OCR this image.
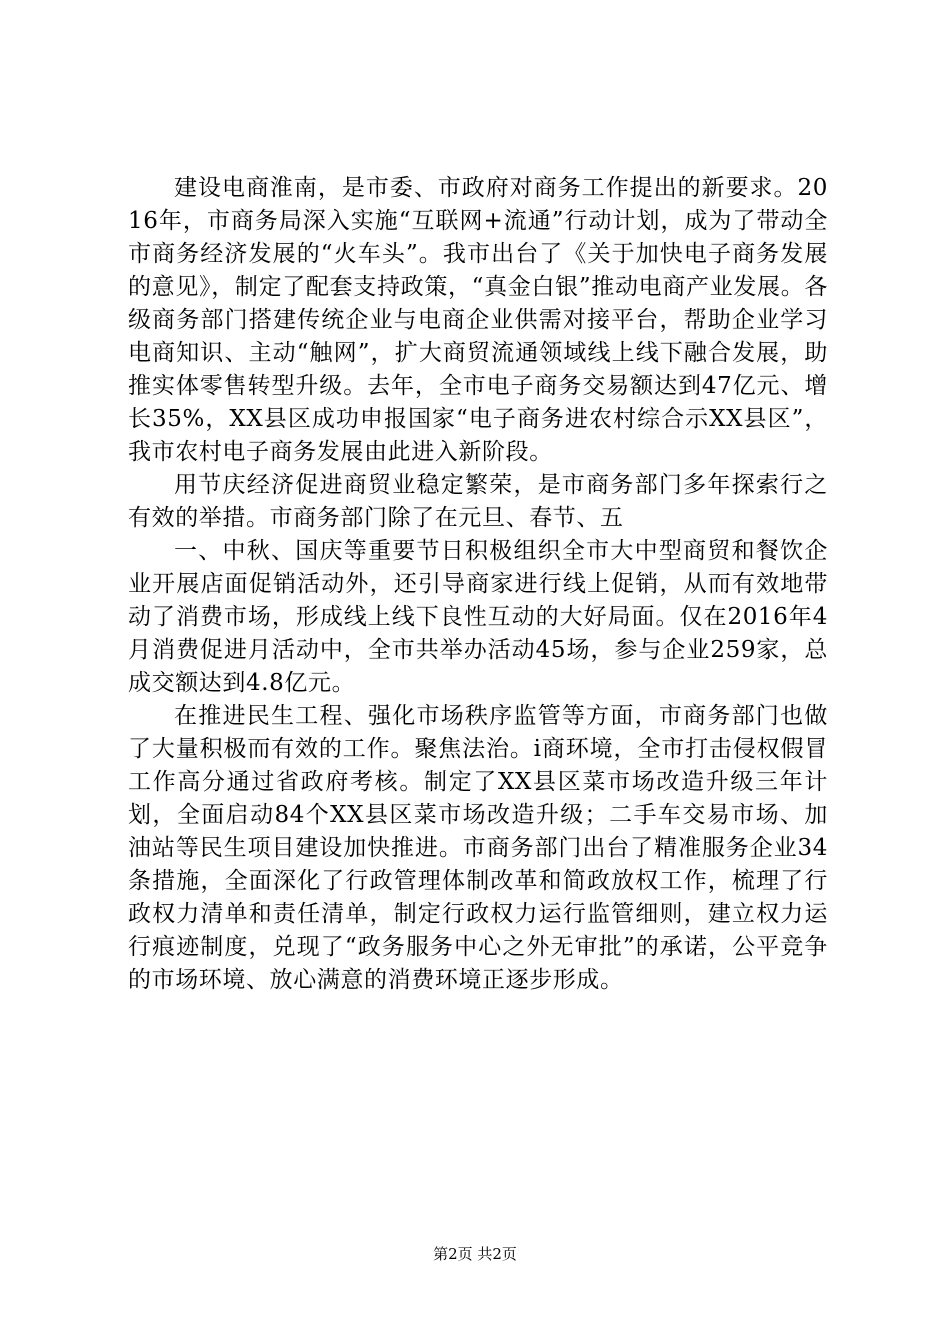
建设电商淮南，是市委、市政府对商务工作提出的新要求。2016年，市商务局深入实施“互联网+流通”行动计划，成为了带动全市商务经济发展的“火车头”。我市出台了《关于加快电子商务发展的意见》，制定了配套支持政策，“真金白银”推动电商产业发展。各级商务部门搭建传统企业与电商企业供需对接平台，帮助企业学习电商知识、主动“触网”，扩大商贸流通领域线上线下融合发展，助推实体零售转型升级。去年，全市电子商务交易额达到47亿元、增长35%，XX县区成功申报国家“电子商务进农村综合示XX县区”，我市农村电子商务发展由此进入新阶段。

用节庆经济促进商贸业稳定繁荣，是市商务部门多年探索行之有效的举措。市商务部门除了在元旦、春节、五

一、中秋、国庆等重要节日积极组织全市大中型商贸和餐饮企业开展店面促销活动外，还引导商家进行线上促销，从而有效地带动了消费市场，形成线上线下良性互动的大好局面。仅在2016年4月消费促进月活动中，全市共举办活动45场，参与企业259家，总成交额达到4.8亿元。

在推进民生工程、强化市场秩序监管等方面，市商务部门也做了大量积极而有效的工作。聚焦法治。i商环境，全市打击侵权假冒工作高分通过省政府考核。制定了XX县区菜市场改造升级三年计划，全面启动84个XX县区菜市场改造升级；二手车交易市场、加油站等民生项目建设加快推进。市商务部门出台了精准服务企业34条措施，全面深化了行政管理体制改革和简政放权工作，梳理了行政权力清单和责任清单，制定行政权力运行监管细则，建立权力运行痕迹制度，兑现了“政务服务中心之外无审批”的承诺，公平竞争的市场环境、放心满意的消费环境正逐步形成。

第2页 共2页
